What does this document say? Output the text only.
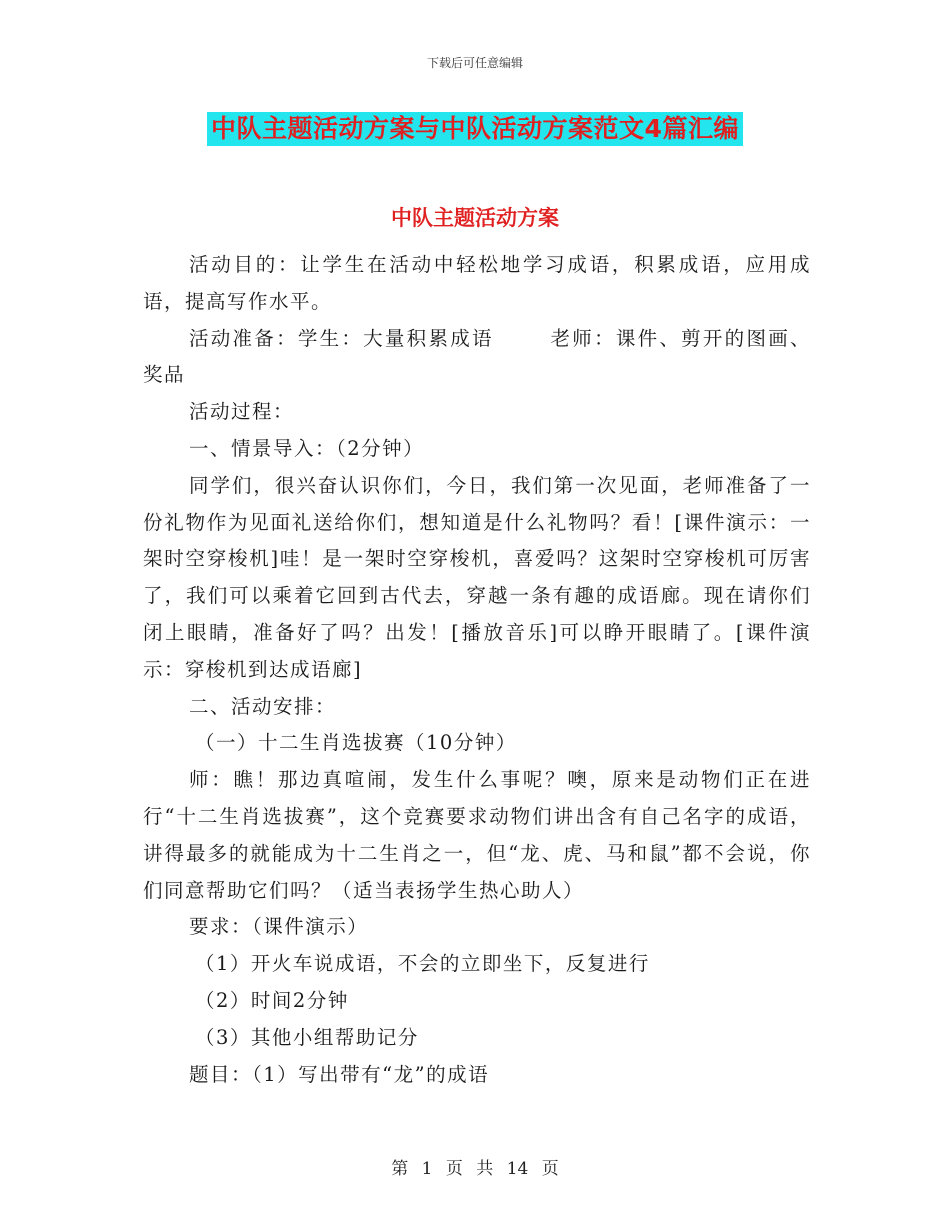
下载后可任意编辑
中队主题活动方案与中队活动方案范文4篇汇编
中队主题活动方案

活动目的：让学生在活动中轻松地学习成语，积累成语，应用成语，提高写作水平。

活动准备：学生：大量积累成语	老师：课件、剪开的图画、奖品

活动过程：

一、情景导入：（2分钟）

同学们，很兴奋认识你们，今日，我们第一次见面，老师准备了一份礼物作为见面礼送给你们，想知道是什么礼物吗？看！[课件演示：一架时空穿梭机]哇！是一架时空穿梭机，喜爱吗？这架时空穿梭机可厉害了，我们可以乘着它回到古代去，穿越一条有趣的成语廊。现在请你们闭上眼睛，准备好了吗？出发！[播放音乐]可以睁开眼睛了。[课件演示：穿梭机到达成语廊]

二、活动安排：

（一）十二生肖选拔赛（10分钟）

师：瞧！那边真喧闹，发生什么事呢？噢，原来是动物们正在进行“十二生肖选拔赛”，这个竞赛要求动物们讲出含有自己名字的成语，讲得最多的就能成为十二生肖之一，但“龙、虎、马和鼠”都不会说，你们同意帮助它们吗？（适当表扬学生热心助人）

要求：（课件演示）

（1）开火车说成语，不会的立即坐下，反复进行

（2）时间2分钟

（3）其他小组帮助记分

题目：（1）写出带有“龙”的成语

第 1 页 共 14 页
